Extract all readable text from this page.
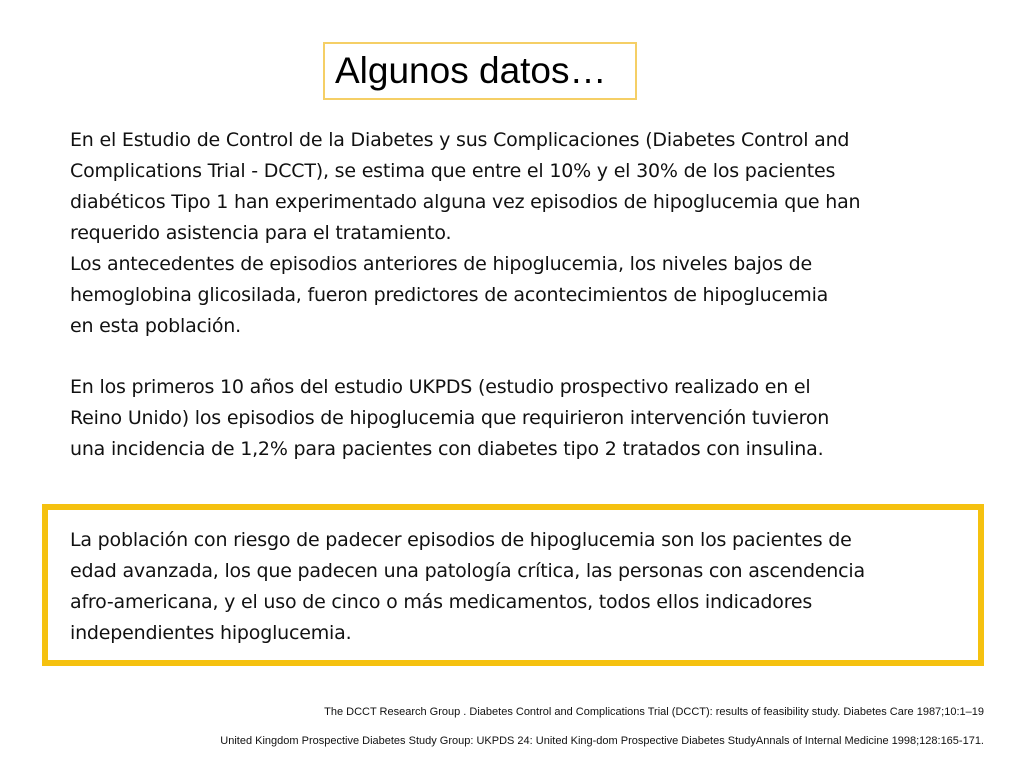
Algunos datos…

En el Estudio de Control de la Diabetes y sus Complicaciones (Diabetes Control and
Complications Trial - DCCT), se estima que entre el 10% y el 30% de los pacientes
diabéticos Tipo 1 han experimentado alguna vez episodios de hipoglucemia que han
requerido asistencia para el tratamiento.

Los antecedentes de episodios anteriores de hipoglucemia, los niveles bajos de
hemoglobina glicosilada, fueron predictores de acontecimientos de hipoglucemia
en esta población.

En los primeros 10 años del estudio UKPDS (estudio prospectivo realizado en el
Reino Unido) los episodios de hipoglucemia que requirieron intervención tuvieron
una incidencia de 1,2% para pacientes con diabetes tipo 2 tratados con insulina.

La población con riesgo de padecer episodios de hipoglucemia son los pacientes de
edad avanzada, los que padecen una patología crítica, las personas con ascendencia
afro-americana, y el uso de cinco o más medicamentos, todos ellos indicadores
independientes hipoglucemia.

The DCCT Research Group . Diabetes Control and Complications Trial (DCCT): results of feasibility study. Diabetes Care 1987;10:1–19
United Kingdom Prospective Diabetes Study Group: UKPDS 24: United King-dom Prospective Diabetes StudyAnnals of Internal Medicine 1998;128:165-171.
